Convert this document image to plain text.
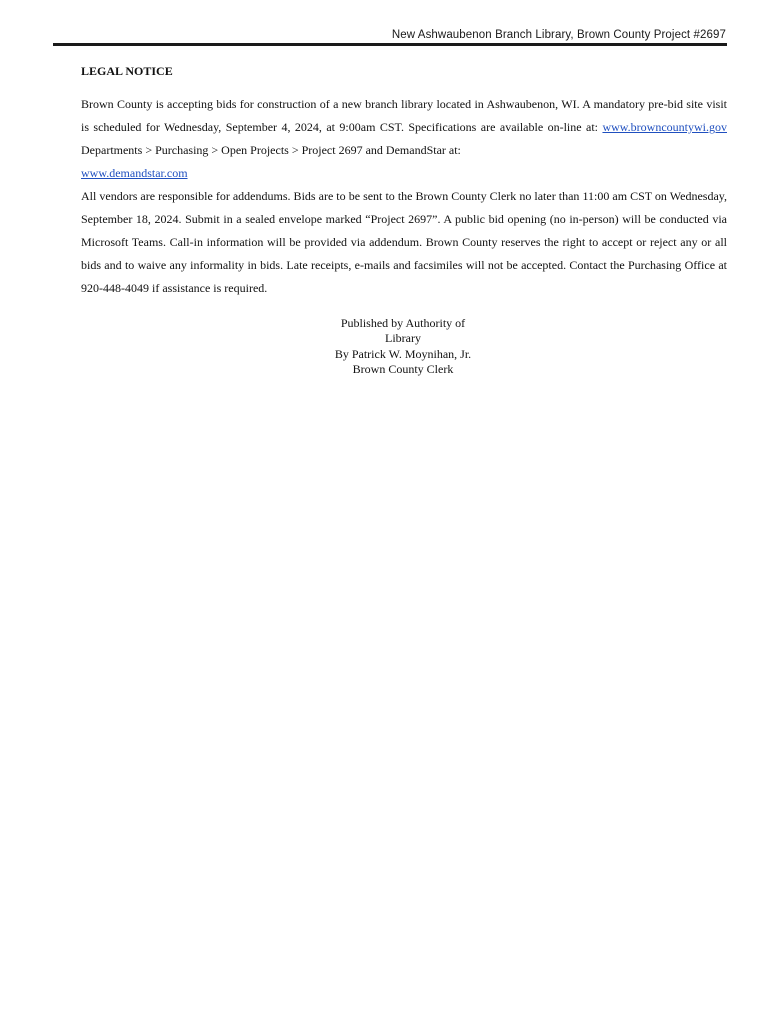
New Ashwaubenon Branch Library, Brown County Project #2697
LEGAL NOTICE

Brown County is accepting bids for construction of a new branch library located in Ashwaubenon, WI. A mandatory pre-bid site visit is scheduled for Wednesday, September 4, 2024, at 9:00am CST. Specifications are available on-line at: www.browncountywi.gov Departments > Purchasing > Open Projects > Project 2697 and DemandStar at:
www.demandstar.com

All vendors are responsible for addendums. Bids are to be sent to the Brown County Clerk no later than 11:00 am CST on Wednesday, September 18, 2024. Submit in a sealed envelope marked “Project 2697”. A public bid opening (no in-person) will be conducted via Microsoft Teams. Call-in information will be provided via addendum. Brown County reserves the right to accept or reject any or all bids and to waive any informality in bids. Late receipts, e-mails and facsimiles will not be accepted. Contact the Purchasing Office at 920-448-4049 if assistance is required.

Published by Authority of
Library
By Patrick W. Moynihan, Jr.
Brown County Clerk
